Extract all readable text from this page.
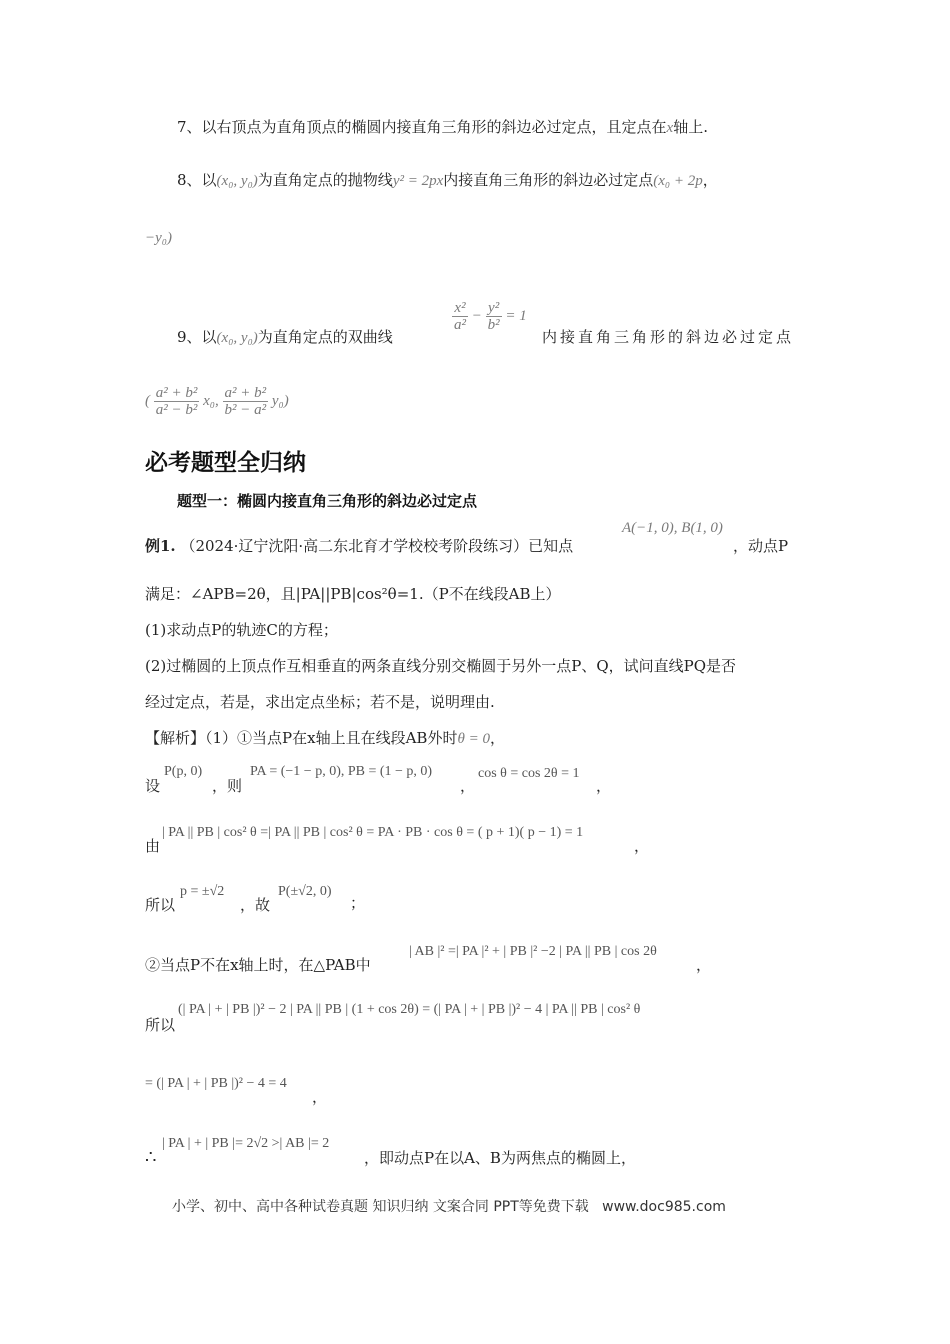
7、以右顶点为直角顶点的椭圆内接直角三角形的斜边必过定点，且定点在x轴上.
8、以(x₀, y₀)为直角定点的抛物线y² = 2px内接直角三角形的斜边必过定点(x₀ + 2p，
−y₀)
9、以(x₀, y₀)为直角定点的双曲线
$\frac{\text{x²}}{\text{a²}} - \frac{\text{y²}}{\text{b²}} = 1$
内接直角三角形的斜边必过定点
( $\frac{\text{a² + b²}}{\text{a² − b²}} x_0$, $\frac{\text{a² + b²}}{\text{b² − a²}} y_0$)
必考题型全归纳
题型一：椭圆内接直角三角形的斜边必过定点
例1. （2024·辽宁沈阳·高二东北育才学校校考阶段练习）已知点
A(−1, 0), B(1, 0)
，动点P
满足：∠APB=2θ，且|PA||PB|cos²θ=1.（P不在线段AB上）
(1)求动点P的轨迹C的方程；
(2)过椭圆的上顶点作互相垂直的两条直线分别交椭圆于另外一点P、Q，试问直线PQ是否
经过定点，若是，求出定点坐标；若不是，说明理由.
【解析】（1）①当点P在x轴上且在线段AB外时θ = 0，
设
P(p, 0)
，则
PA = (−1 − p, 0), PB = (1 − p, 0)
，
cos θ = cos 2θ = 1
，
由
| PA || PB | cos² θ =| PA || PB | cos² θ = PA · PB · cos θ = ( p + 1)( p − 1) = 1
，
所以
p = ±√2
，故
P(±√2, 0)
；
②当点P不在x轴上时，在△PAB中
| AB |² =| PA |² + | PB |² −2 | PA || PB | cos 2θ
，
所以
(| PA | + | PB |)² − 2 | PA || PB | (1 + cos 2θ) = (| PA | + | PB |)² − 4 | PA || PB | cos² θ
= (| PA | + | PB |)² − 4 = 4
，
∴
| PA | + | PB |= 2√2 >| AB |= 2
，即动点P在以A、B为两焦点的椭圆上，
小学、初中、高中各种试卷真题 知识归纳 文案合同 PPT等免费下载 www.doc985.com
